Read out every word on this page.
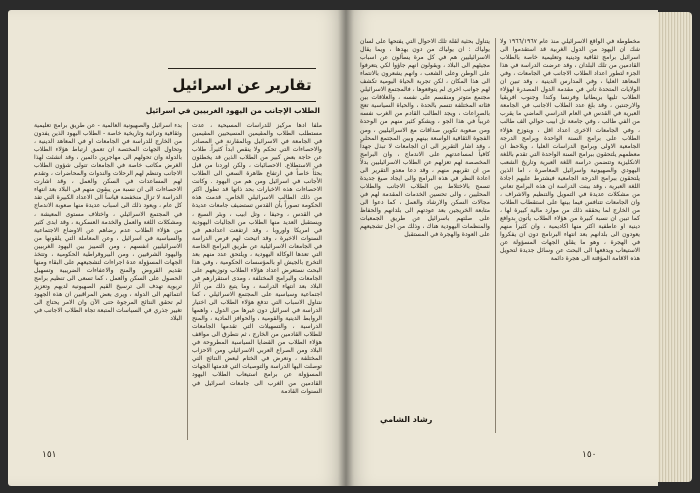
تقارير عن اسرائيل
الطلاب الإجانب من اليهود الغربيين في اسرائيل
بدء اسرائيل والصهيونية العالمية - عن طريق برامج تعليمية وثقافية وتراثية وتاريخية خاصة - الطلاب اليهود الذين يفدون من الخارج للدراسة في الجامعات او في المعاهد الدينية ، وتحاول الجهات المختصة ان تعمق ارتباط هؤلاء الطلاب بالدولة وان تحولهم الى مهاجرين دائمين ، وقد انشئت لهذا الغرض مكاتب خاصة في الجامعات تتولى شؤون الطلاب الاجانب وتنظم لهم الرحلات والندوات والمحاضرات ، وتقدم لهم المساعدات في السكن والعمل ، وقد اشارت الاحصاءات الى ان نسبة من يبقون منهم في البلاد بعد انتهاء الدراسة لا تزال منخفضة قياساً الى الاعداد الكبيرة التي تفد كل عام ، ويعود ذلك الى اسباب عديدة منها صعوبة الاندماج في المجتمع الاسرائيلي ، واختلاف مستوى المعيشة ، ومشكلات اللغة والعمل والخدمة العسكرية ، وقد ابدى كثير من هؤلاء الطلاب عدم رضاهم عن الاوضاع الاجتماعية والسياسية في اسرائيل ، وعن المعاملة التي يلقونها من الاسرائيليين انفسهم ، ومن التمييز بين اليهود الغربيين واليهود الشرقيين ، ومن البيروقراطية الحكومية ، وتتخذ الجهات المسؤولة عدة اجراءات لتشجيعهم على البقاء ومنها تقديم القروض والمنح والاعفاءات الضريبية وتسهيل الحصول على السكن والعمل ، كما تسعى الى تنظيم برامج تربوية تهدف الى ترسيخ القيم الصهيونية لديهم وتعزيز انتمائهم الى الدولة ، ويرى بعض المراقبين ان هذه الجهود لم تحقق النتائج المرجوة حتى الآن وان الامر يحتاج الى تغيير جذري في السياسات المتبعة تجاه الطلاب الاجانب في البلاد
ملفا ادها مركيز للدراسات المسيحية ، عدت مستطلب الطلاب والمقيمين المسيحيين المقيمين في الجامعة في الاسرائيل وبالمقارنة في المصادر والاحصاءات التي تحكم ولا ينقص ابداً كثيراً. طلاب عن حاجة بعض كبير من الطلاب الذين قد يخطئون في الاستطلاع. الاحصائيات ، ولكن اوردنا من قبل بحثاً خاصاً في ارتفاع ظاهرة السعي الى الطلاب الأجانب في اسرائيل ومن هم من اليهود . وكانت الاحصاءات هذه الاخبارات بحد ذاتها قد تطول اكثر من ذلك الطالب الاسرائيلي الخاص. قدمت هذه الحكومة تصوراً بأن القدس تستضيف جامعات عديدة في القدس ، وحيفا ، وتل ابيب ، وبئر السبع ، ويستقبل العديد منها الطلاب من الجاليات اليهودية في امريكا واوروبا ، وقد ارتفعت اعدادهم في السنوات الاخيرة ، وقد اتيحت لهم فرص الدراسة في الجامعات الاسرائيلية عن طريق البرامج الخاصة التي تعدها الوكالة اليهودية ، ويلتحق عدد منهم بعد التخرج بالجيش او بالمؤسسات الحكومية ، وفي هذا البحث نستعرض اعداد هؤلاء الطلاب وتوزيعهم على الجامعات والبرامج المختلفة ، ومدى استقرارهم في البلاد بعد انتهاء الدراسة ، وما يتبع ذلك من آثار اجتماعية وسياسية على المجتمع الاسرائيلي ، كما نتناول الاسباب التي تدفع هؤلاء الطلاب الى اختيار الدراسة في اسرائيل دون غيرها من الدول ، واهمها الروابط الدينية والقومية ، والحوافز المادية ، والمنح الدراسية ، والتسهيلات التي تقدمها الجامعات للطلاب القادمين من الخارج ، ثم نتطرق الى مواقف هؤلاء الطلاب من القضايا السياسية المطروحة في البلاد ومن الصراع العربي الاسرائيلي ومن الاحزاب المختلفة ، ونعرض في الختام لبعض النتائج التي توصلت اليها الدراسة والتوصيات التي قدمتها الجهات المسؤولة عن برامج استيعاب الطلاب اليهود القادمين من الغرب الى جامعات اسرائيل في السنوات القادمة
١٥١
يتناول بحثية لقلة تلك الاحوال التي يفتحها على لسان يولياك : ان يولياك من دون يهدها ، ويما يقال الاسرائيليين هم في كل مرة يسألون عن اسباب مجيئهم الى البلاد ، ويقولون انهم جاؤوا لكي يتعرفوا على الوطن وعلى الشعب ، وانهم يشعرون بالانتماء الى هذا المكان ، لكن تجربة الحياة اليومية تكشف لهم جوانب اخرى لم يتوقعوها ، فالمجتمع الاسرائيلي مجتمع متوتر ومنقسم على نفسه ، والعلاقات بين فئاته المختلفة تتسم بالحدة ، والحياة السياسية تعج بالصراعات ، ويجد الطالب القادم من الغرب نفسه غريباً في هذا الجو ، ويشكو كثير منهم من الوحدة ومن صعوبة تكوين صداقات مع الاسرائيليين ، ومن الفجوة الثقافية الواسعة بينهم وبين المجتمع المحلي ، وقد اشار التقرير الى ان الجامعات لا تبذل جهداً كافياً لمساعدتهم على الاندماج ، وان البرامج المخصصة لهم تعزلهم عن الطلاب الاسرائيليين بدلاً من ان تقربهم منهم ، وقد دعا معدو التقرير الى اعادة النظر في هذه البرامج والى ايجاد صيغ جديدة تسمح بالاختلاط بين الطلاب الاجانب والطلاب المحليين ، والى تحسين الخدمات المقدمة لهم في مجالات السكن والارشاد والعمل ، كما دعوا الى متابعة الخريجين بعد عودتهم الى بلدانهم والحفاظ على صلتهم باسرائيل عن طريق الجمعيات والمنظمات اليهودية هناك ، وذلك من اجل تشجيعهم على العودة والهجرة في المستقبل
رشاد الشامي
مخطوطة في الواقع الاسرائيلي منذ عام ١٩٦٦/١٩٦٧ ولا شك ان اليهود من الدول الغربية قد استقدموا الى اسرائيل برامج ثقافية ودينية وتعليمية خاصة بالطلاب القادمين من تلك البلدان ، وقد عرضت الدراسة في هذا الجزء لتطور اعداد الطلاب الاجانب في الجامعات ، وفي المعاهد العليا ، وفي المدارس الدينية ، وقد تبين ان الولايات المتحدة تأتي في مقدمة الدول المصدرة لهؤلاء الطلاب تليها بريطانيا وفرنسا وكندا وجنوب افريقيا والارجنتين ، وقد بلغ عدد الطلاب الاجانب في الجامعة العبرية في القدس في العام الدراسي الماضي ما يقرب من الفي طالب ، وفي جامعة تل ابيب حوالي الف طالب ، وفي الجامعات الاخرى اعداد اقل ، ويتوزع هؤلاء الطلاب على برامج السنة الواحدة وبرامج الدرجة الجامعية الاولى وبرامج الدراسات العليا ، ويلاحظ ان معظمهم يلتحقون ببرامج السنة الواحدة التي تقدم باللغة الانكليزية وتتضمن دراسة اللغة العبرية وتاريخ الشعب اليهودي والصهيونية واسرائيل المعاصرة ، اما الذين يلتحقون ببرامج الدرجة الجامعية فيشترط عليهم اجادة اللغة العبرية ، وقد بينت الدراسة ان هذه البرامج تعاني من مشكلات عديدة في التمويل والتنظيم والاشراف ، وان الجامعات تتنافس فيما بينها على استقطاب الطلاب من الخارج لما يحققه ذلك من موارد مالية كبيرة لها ، كما تبين ان نسبة كبيرة من هؤلاء الطلاب يأتون بدوافع دينية او عاطفية اكثر منها اكاديمية ، وان كثيراً منهم يعودون الى بلدانهم بعد انتهاء البرنامج دون ان يفكروا في الهجرة ، وهو ما يقلق الجهات المسؤولة عن الاستيعاب ويدفعها الى البحث عن وسائل جديدة لتحويل هذه الاقامة المؤقتة الى هجرة دائمة
١٥٠
